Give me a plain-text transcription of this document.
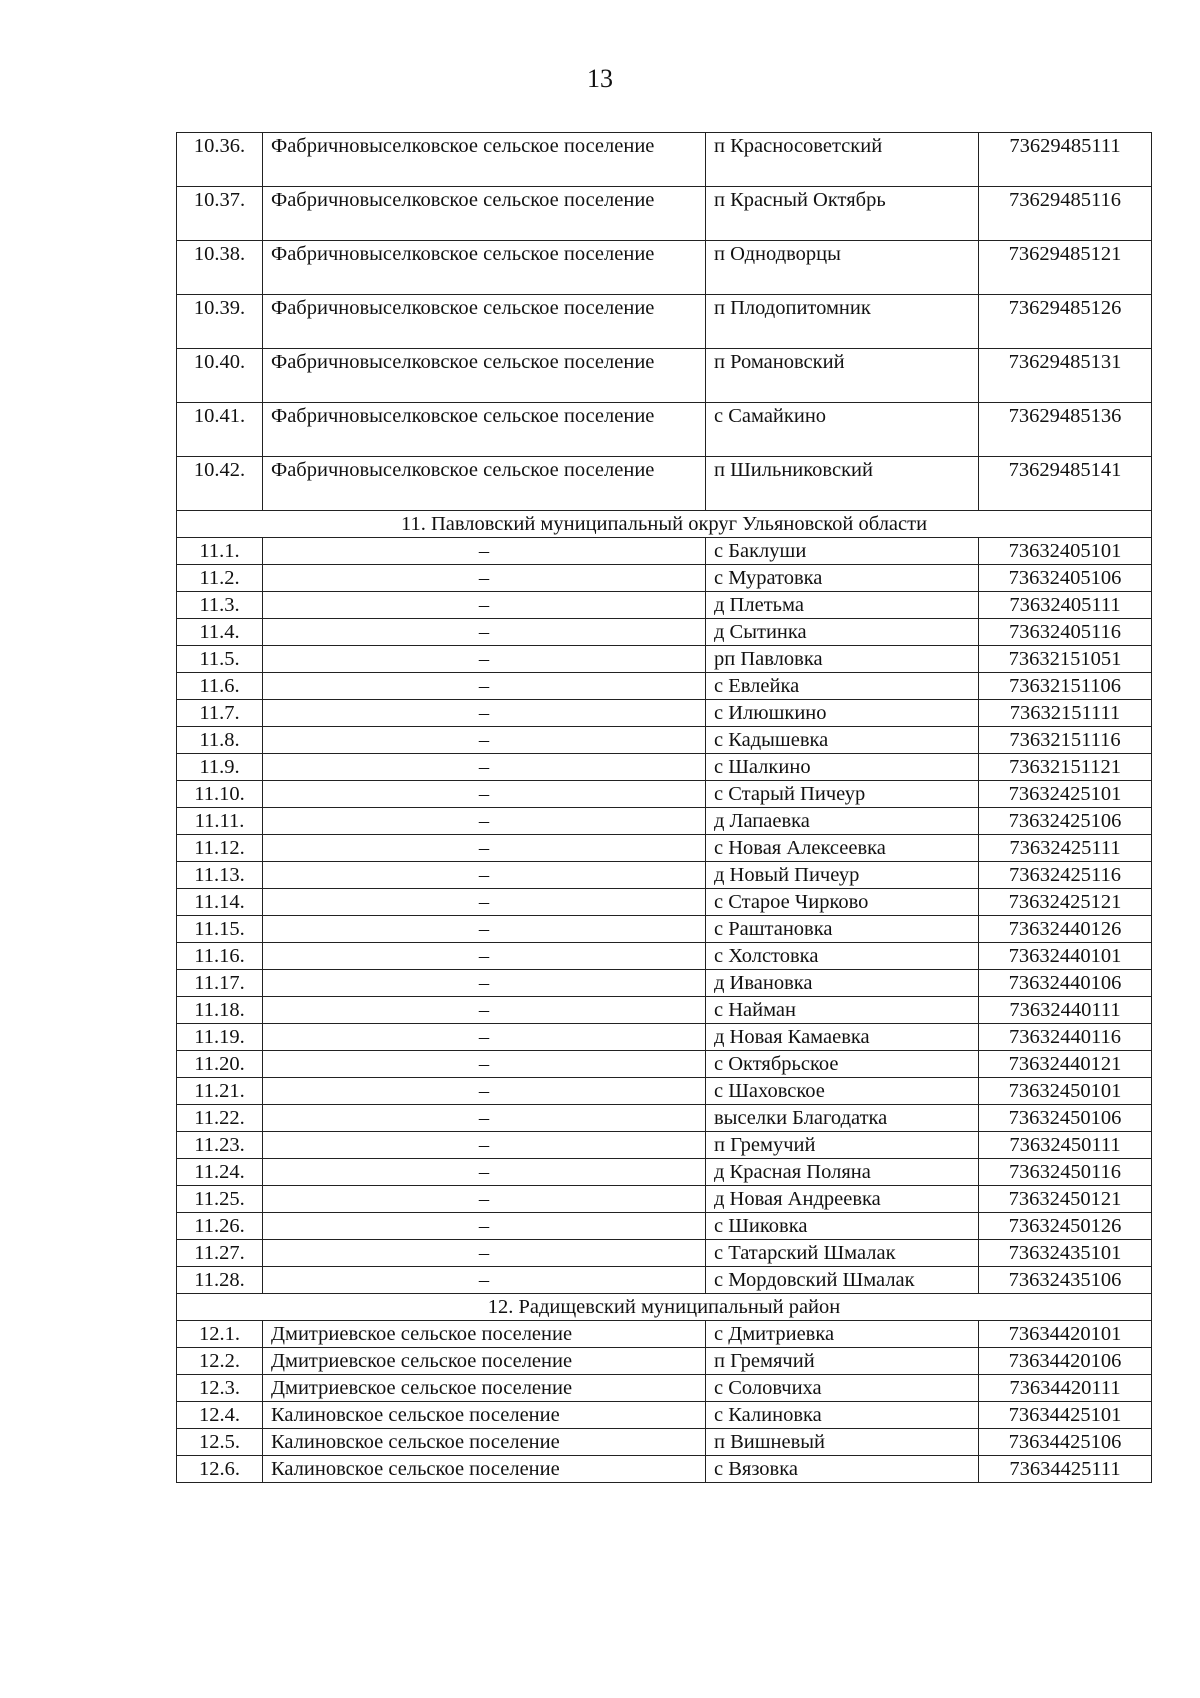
13
10.36.	Фабричновыселковское сельское поселение	п Красносоветский	73629485111
10.37.	Фабричновыселковское сельское поселение	п Красный Октябрь	73629485116
10.38.	Фабричновыселковское сельское поселение	п Однодворцы	73629485121
10.39.	Фабричновыселковское сельское поселение	п Плодопитомник	73629485126
10.40.	Фабричновыселковское сельское поселение	п Романовский	73629485131
10.41.	Фабричновыселковское сельское поселение	с Самайкино	73629485136
10.42.	Фабричновыселковское сельское поселение	п Шильниковский	73629485141
11. Павловский муниципальный округ Ульяновской области			
11.1.	–	с Баклуши	73632405101
11.2.	–	с Муратовка	73632405106
11.3.	–	д Плетьма	73632405111
11.4.	–	д Сытинка	73632405116
11.5.	–	рп Павловка	73632151051
11.6.	–	с Евлейка	73632151106
11.7.	–	с Илюшкино	73632151111
11.8.	–	с Кадышевка	73632151116
11.9.	–	с Шалкино	73632151121
11.10.	–	с Старый Пичеур	73632425101
11.11.	–	д Лапаевка	73632425106
11.12.	–	с Новая Алексеевка	73632425111
11.13.	–	д Новый Пичеур	73632425116
11.14.	–	с Старое Чирково	73632425121
11.15.	–	с Раштановка	73632440126
11.16.	–	с Холстовка	73632440101
11.17.	–	д Ивановка	73632440106
11.18.	–	с Найман	73632440111
11.19.	–	д Новая Камаевка	73632440116
11.20.	–	с Октябрьское	73632440121
11.21.	–	с Шаховское	73632450101
11.22.	–	выселки Благодатка	73632450106
11.23.	–	п Гремучий	73632450111
11.24.	–	д Красная Поляна	73632450116
11.25.	–	д Новая Андреевка	73632450121
11.26.	–	с Шиковка	73632450126
11.27.	–	с Татарский Шмалак	73632435101
11.28.	–	с Мордовский Шмалак	73632435106
12. Радищевский муниципальный район			
12.1.	Дмитриевское сельское поселение	с Дмитриевка	73634420101
12.2.	Дмитриевское сельское поселение	п Гремячий	73634420106
12.3.	Дмитриевское сельское поселение	с Соловчиха	73634420111
12.4.	Калиновское сельское поселение	с Калиновка	73634425101
12.5.	Калиновское сельское поселение	п Вишневый	73634425106
12.6.	Калиновское сельское поселение	с Вязовка	73634425111
